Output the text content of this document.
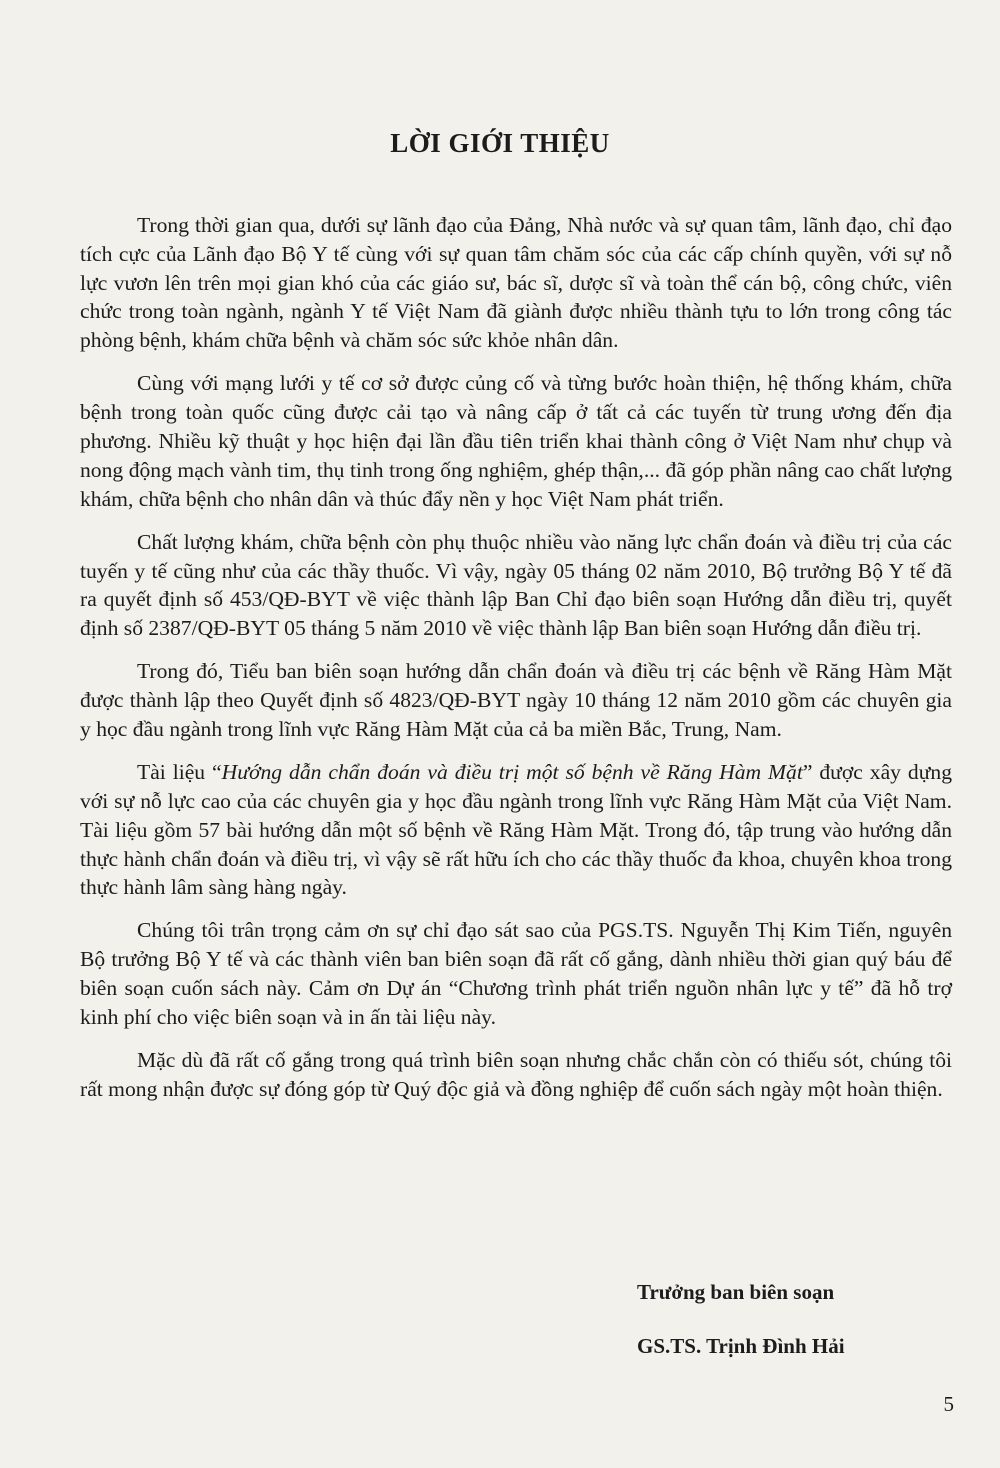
LỜI GIỚI THIỆU

Trong thời gian qua, dưới sự lãnh đạo của Đảng, Nhà nước và sự quan tâm, lãnh đạo, chỉ đạo tích cực của Lãnh đạo Bộ Y tế cùng với sự quan tâm chăm sóc của các cấp chính quyền, với sự nỗ lực vươn lên trên mọi gian khó của các giáo sư, bác sĩ, dược sĩ và toàn thể cán bộ, công chức, viên chức trong toàn ngành, ngành Y tế Việt Nam đã giành được nhiều thành tựu to lớn trong công tác phòng bệnh, khám chữa bệnh và chăm sóc sức khỏe nhân dân.

Cùng với mạng lưới y tế cơ sở được củng cố và từng bước hoàn thiện, hệ thống khám, chữa bệnh trong toàn quốc cũng được cải tạo và nâng cấp ở tất cả các tuyến từ trung ương đến địa phương. Nhiều kỹ thuật y học hiện đại lần đầu tiên triển khai thành công ở Việt Nam như chụp và nong động mạch vành tim, thụ tinh trong ống nghiệm, ghép thận,... đã góp phần nâng cao chất lượng khám, chữa bệnh cho nhân dân và thúc đẩy nền y học Việt Nam phát triển.

Chất lượng khám, chữa bệnh còn phụ thuộc nhiều vào năng lực chẩn đoán và điều trị của các tuyến y tế cũng như của các thầy thuốc. Vì vậy, ngày 05 tháng 02 năm 2010, Bộ trưởng Bộ Y tế đã ra quyết định số 453/QĐ-BYT về việc thành lập Ban Chỉ đạo biên soạn Hướng dẫn điều trị, quyết định số 2387/QĐ-BYT 05 tháng 5 năm 2010 về việc thành lập Ban biên soạn Hướng dẫn điều trị.

Trong đó, Tiểu ban biên soạn hướng dẫn chẩn đoán và điều trị các bệnh về Răng Hàm Mặt được thành lập theo Quyết định số 4823/QĐ-BYT ngày 10 tháng 12 năm 2010 gồm các chuyên gia y học đầu ngành trong lĩnh vực Răng Hàm Mặt của cả ba miền Bắc, Trung, Nam.

Tài liệu “Hướng dẫn chẩn đoán và điều trị một số bệnh về Răng Hàm Mặt” được xây dựng với sự nỗ lực cao của các chuyên gia y học đầu ngành trong lĩnh vực Răng Hàm Mặt của Việt Nam. Tài liệu gồm 57 bài hướng dẫn một số bệnh về Răng Hàm Mặt. Trong đó, tập trung vào hướng dẫn thực hành chẩn đoán và điều trị, vì vậy sẽ rất hữu ích cho các thầy thuốc đa khoa, chuyên khoa trong thực hành lâm sàng hàng ngày.

Chúng tôi trân trọng cảm ơn sự chỉ đạo sát sao của PGS.TS. Nguyễn Thị Kim Tiến, nguyên Bộ trưởng Bộ Y tế và các thành viên ban biên soạn đã rất cố gắng, dành nhiều thời gian quý báu để biên soạn cuốn sách này. Cảm ơn Dự án “Chương trình phát triển nguồn nhân lực y tế” đã hỗ trợ kinh phí cho việc biên soạn và in ấn tài liệu này.

Mặc dù đã rất cố gắng trong quá trình biên soạn nhưng chắc chắn còn có thiếu sót, chúng tôi rất mong nhận được sự đóng góp từ Quý độc giả và đồng nghiệp để cuốn sách ngày một hoàn thiện.

Trưởng ban biên soạn
GS.TS. Trịnh Đình Hải
5
